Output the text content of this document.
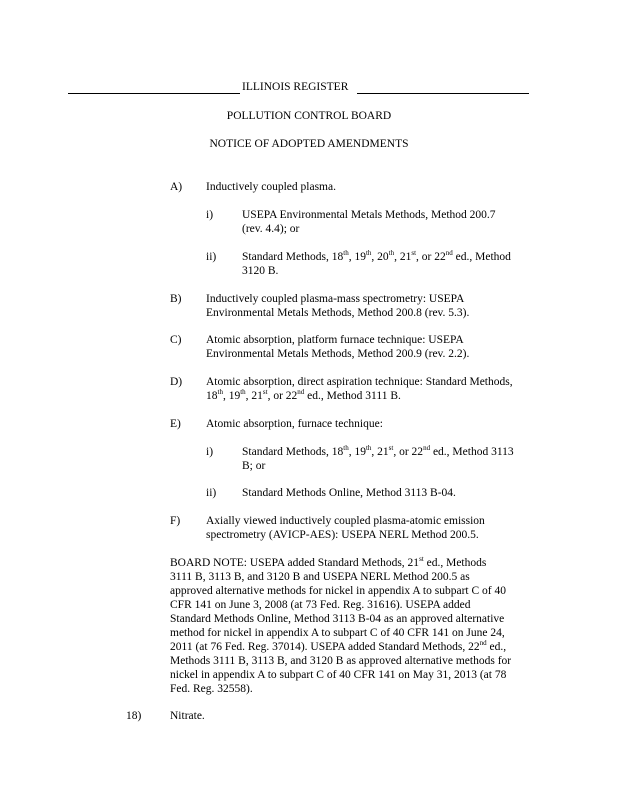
ILLINOIS REGISTER
POLLUTION CONTROL BOARD
NOTICE OF ADOPTED AMENDMENTS
A) Inductively coupled plasma.
i)	USEPA Environmental Metals Methods, Method 200.7
(rev. 4.4); or
ii) Standard Methods, 18th, 19th, 20th, 21st, or 22nd ed., Method
3120 B.
B) Inductively coupled plasma-mass spectrometry: USEPA
Environmental Metals Methods, Method 200.8 (rev. 5.3).
C) Atomic absorption, platform furnace technique: USEPA
Environmental Metals Methods, Method 200.9 (rev. 2.2).
D) Atomic absorption, direct aspiration technique: Standard Methods,
18th, 19th, 21st, or 22nd ed., Method 3111 B.
E) Atomic absorption, furnace technique:
i)	Standard Methods, 18th, 19th, 21st, or 22nd ed., Method 3113
B; or
ii) Standard Methods Online, Method 3113 B-04.
F) Axially viewed inductively coupled plasma-atomic emission
spectrometry (AVICP-AES): USEPA NERL Method 200.5.
BOARD NOTE: USEPA added Standard Methods, 21st ed., Methods
3111 B, 3113 B, and 3120 B and USEPA NERL Method 200.5 as
approved alternative methods for nickel in appendix A to subpart C of 40
CFR 141 on June 3, 2008 (at 73 Fed. Reg. 31616). USEPA added
Standard Methods Online, Method 3113 B-04 as an approved alternative
method for nickel in appendix A to subpart C of 40 CFR 141 on June 24,
2011 (at 76 Fed. Reg. 37014). USEPA added Standard Methods, 22nd ed.,
Methods 3111 B, 3113 B, and 3120 B as approved alternative methods for
nickel in appendix A to subpart C of 40 CFR 141 on May 31, 2013 (at 78
Fed. Reg. 32558).
18) Nitrate.
